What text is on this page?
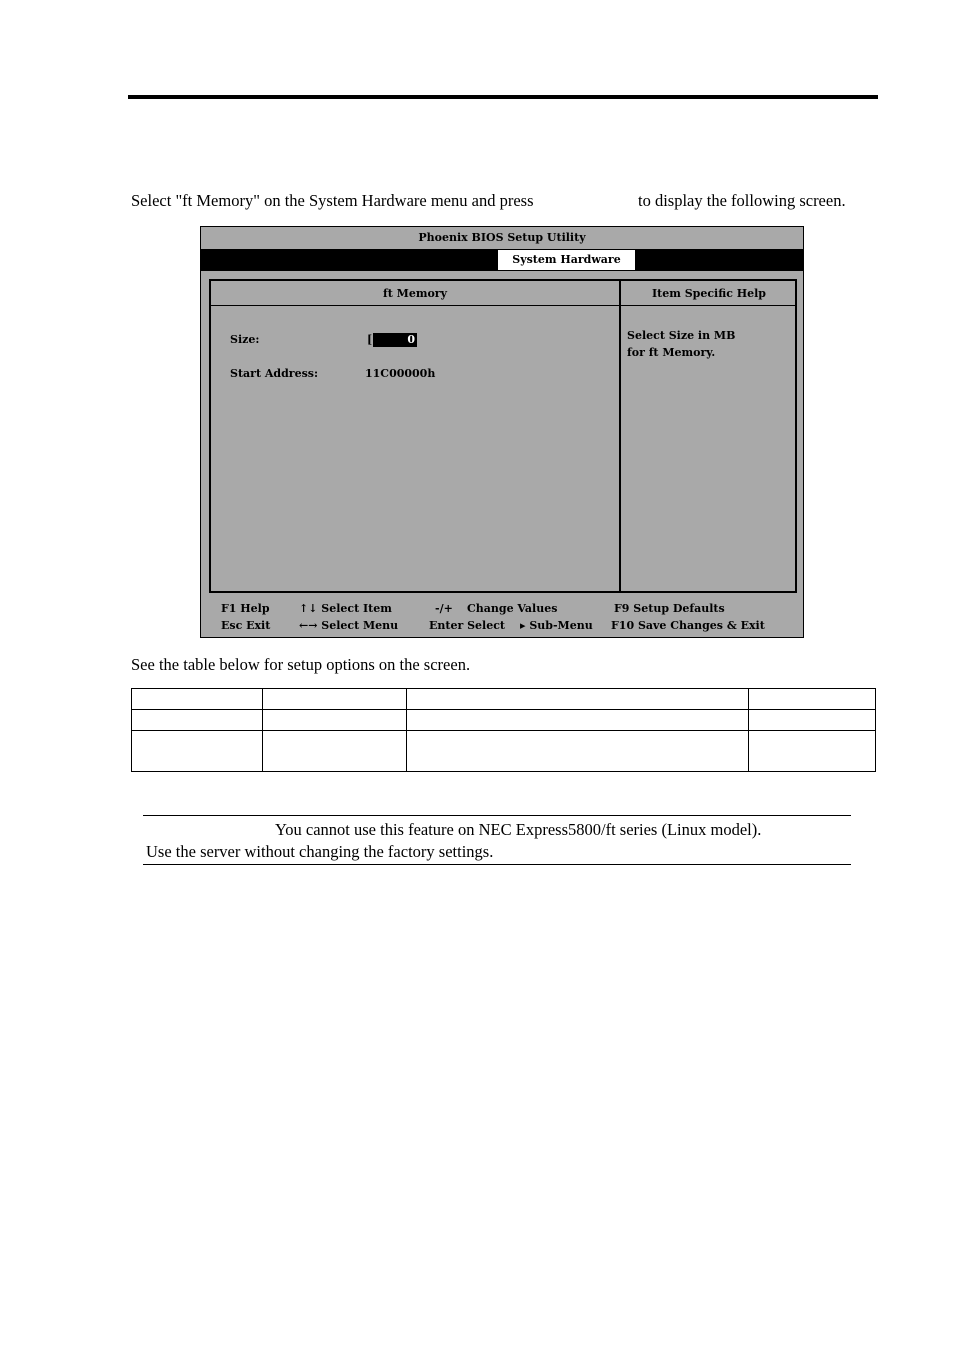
Select "ft Memory" on the System Hardware menu and press	to display the following screen.
Phoenix BIOS Setup Utility
System Hardware
ft Memory	Item Specific Help
Size:	[	0
Start Address:	11C00000h
Select Size in MB
for ft Memory.
F1 Help	↑↓ Select Item	-/+ Change Values	F9 Setup Defaults
Esc Exit	←→ Select Menu	Enter Select ▸ Sub-Menu F10 Save Changes & Exit
See the table below for setup options on the screen.

You cannot use this feature on NEC Express5800/ft series (Linux model).
Use the server without changing the factory settings.
